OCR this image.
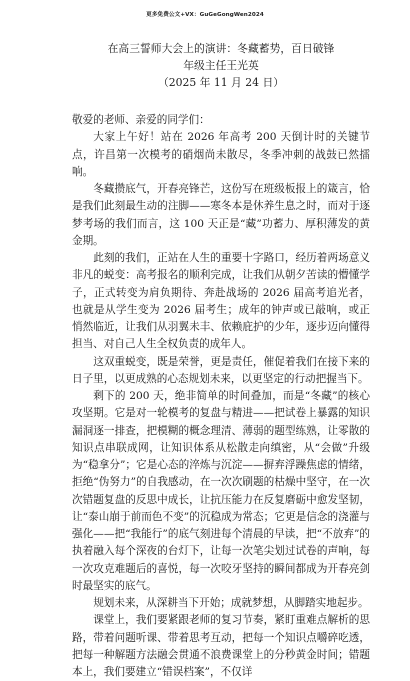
更多免费公文+VX：GuGeGongWen2024
在高三誓师大会上的演讲：冬藏蓄势，百日破锋
年级主任王光英
（2025 年 11 月 24 日）

敬爱的老师、亲爱的同学们：

大家上午好！站在 2026 年高考 200 天倒计时的关键节点，许昌第一次模考的硝烟尚未散尽，冬季冲刺的战鼓已然擂响。

冬藏攒底气，开春亮锋芒，这份写在班级板报上的箴言，恰是我们此刻最生动的注脚——寒冬本是休养生息之时，而对于逐梦考场的我们而言，这 100 天正是“藏”功蓄力、厚积薄发的黄金期。

此刻的我们，正站在人生的重要十字路口，经历着两场意义非凡的蜕变：高考报名的顺利完成，让我们从朝夕苦读的懵懂学子，正式转变为肩负期待、奔赴战场的 2026 届高考追光者，也就是从学生变为 2026 届考生；成年的钟声或已敲响，或正悄然临近，让我们从羽翼未丰、依赖庇护的少年，逐步迈向懂得担当、对自己人生全权负责的成年人。

这双重蜕变，既是荣誉，更是责任，催促着我们在接下来的日子里，以更成熟的心态规划未来，以更坚定的行动把握当下。

剩下的 200 天，绝非简单的时间叠加，而是“冬藏”的核心攻坚期。它是对一轮模考的复盘与精进——把试卷上暴露的知识漏洞逐一排查，把模糊的概念理清、薄弱的题型练熟，让零散的知识点串联成网，让知识体系从松散走向缜密，从“会做”升级为“稳拿分”；它是心态的淬炼与沉淀——摒弃浮躁焦虑的情绪，拒绝“伪努力”的自我感动，在一次次刷题的枯燥中坚守，在一次次错题复盘的反思中成长，让抗压能力在反复磨砺中愈发坚韧，让“泰山崩于前而色不变”的沉稳成为常态；它更是信念的浇灌与强化——把“我能行”的底气刻进每个清晨的早读，把“不放弃”的执着融入每个深夜的台灯下，让每一次笔尖划过试卷的声响，每一次攻克难题后的喜悦，每一次咬牙坚持的瞬间都成为开春亮剑时最坚实的底气。

规划未来，从深耕当下开始；成就梦想，从脚踏实地起步。

课堂上，我们要紧跟老师的复习节奏，紧盯重难点解析的思路，带着问题听课、带着思考互动，把每一个知识点嚼碎吃透，把每一种解题方法融会贯通不浪费课堂上的分秒黄金时间；错题本上，我们要建立“错误档案”，不仅详
